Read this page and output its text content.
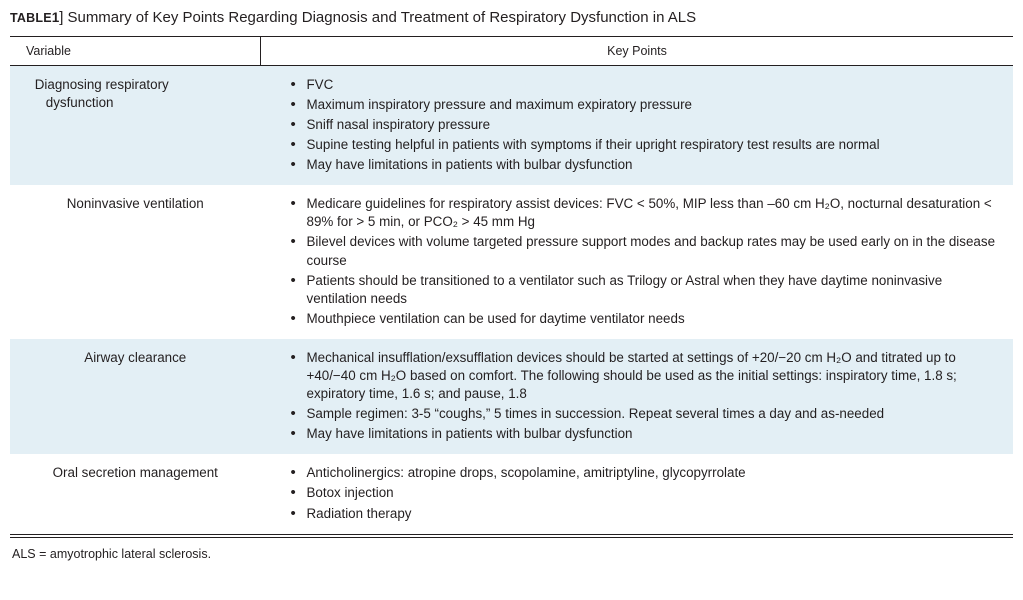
TABLE1] Summary of Key Points Regarding Diagnosis and Treatment of Respiratory Dysfunction in ALS
Variable	Key Points
Diagnosing respiratory dysfunction	
• FVC
• Maximum inspiratory pressure and maximum expiratory pressure
• Sniff nasal inspiratory pressure
• Supine testing helpful in patients with symptoms if their upright respiratory test results are normal
• May have limitations in patients with bulbar dysfunction

Noninvasive ventilation	
•Medicare guidelines for respiratory assist devices: FVC < 50%, MIP less than –60 cm H₂O, nocturnal desaturation < 89% for > 5 min, or PCO₂ > 45 mm Hg
• Bilevel devices with volume targeted pressure support modes and backup rates may be used early on in the disease course
• Patients should be transitioned to a ventilator such as Trilogy or Astral when they have daytime noninvasive ventilation needs
• Mouthpiece ventilation can be used for daytime ventilator needs

Airway clearance	
•Mechanical insufflation/exsufflation devices should be started at settings of +20/−20 cm H₂O and titrated up to +40/−40 cm H₂O based on comfort. The following should be used as the initial settings: inspiratory time, 1.8 s; expiratory time, 1.6 s; and pause, 1.8
• Sample regimen: 3-5 “coughs,” 5 times in succession. Repeat several times a day and as-needed
• May have limitations in patients with bulbar dysfunction

Oral secretion management	
•Anticholinergics: atropine drops, scopolamine, amitriptyline, glycopyrrolate
• Botox injection
• Radiation therapy
ALS = amyotrophic lateral sclerosis.
